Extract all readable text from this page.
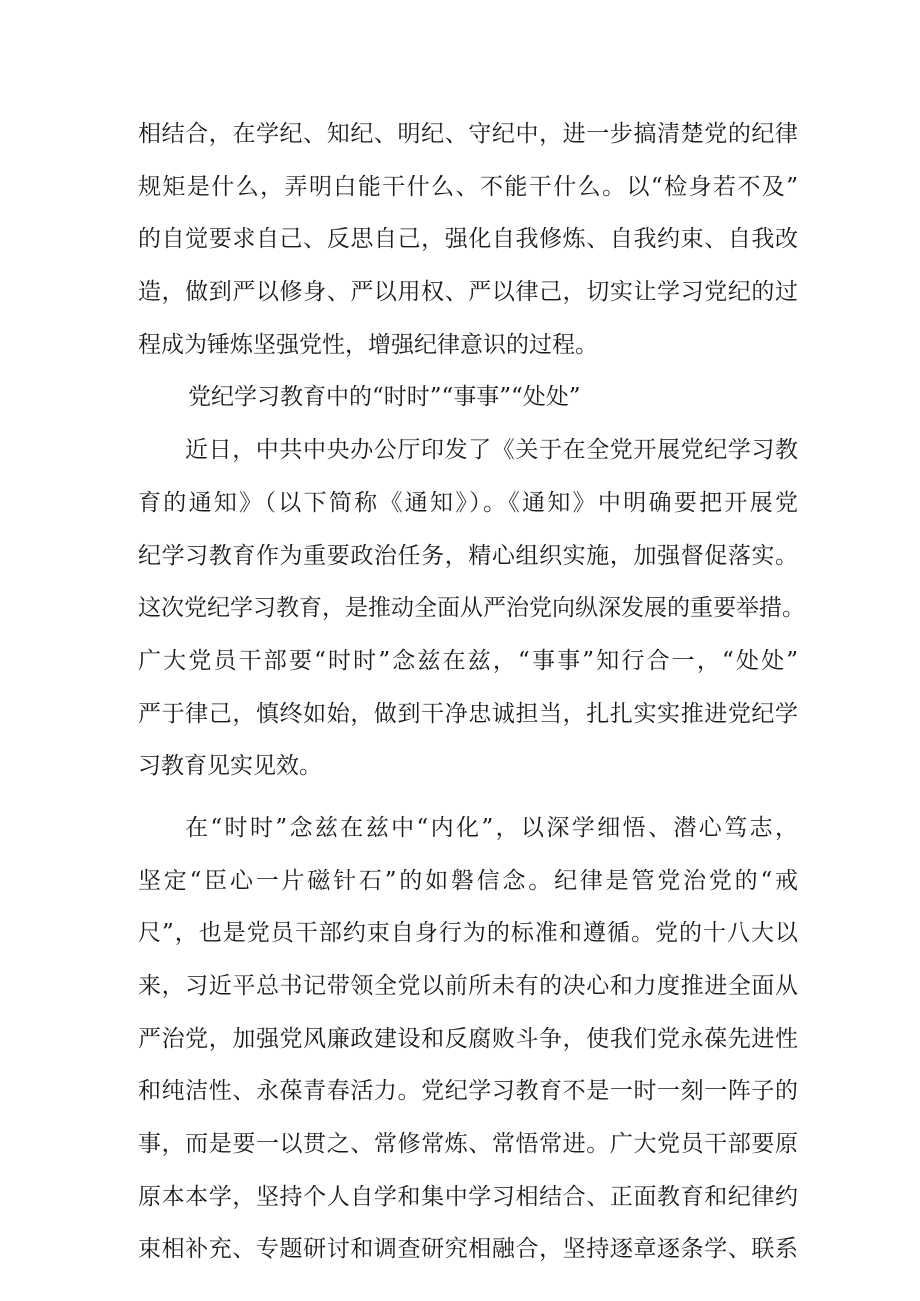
相结合，在学纪、知纪、明纪、守纪中，进一步搞清楚党的纪律
规矩是什么，弄明白能干什么、不能干什么。以“检身若不及”
的自觉要求自己、反思自己，强化自我修炼、自我约束、自我改
造，做到严以修身、严以用权、严以律己，切实让学习党纪的过
程成为锤炼坚强党性，增强纪律意识的过程。
党纪学习教育中的“时时”“事事”“处处”
近日，中共中央办公厅印发了《关于在全党开展党纪学习教
育的通知》（以下简称《通知》）。《通知》中明确要把开展党
纪学习教育作为重要政治任务，精心组织实施，加强督促落实。
这次党纪学习教育，是推动全面从严治党向纵深发展的重要举措。
广大党员干部要“时时”念兹在兹，“事事”知行合一，“处处”
严于律己，慎终如始，做到干净忠诚担当，扎扎实实推进党纪学
习教育见实见效。
在“时时”念兹在兹中“内化”，以深学细悟、潜心笃志，
坚定“臣心一片磁针石”的如磐信念。纪律是管党治党的“戒
尺”，也是党员干部约束自身行为的标准和遵循。党的十八大以
来，习近平总书记带领全党以前所未有的决心和力度推进全面从
严治党，加强党风廉政建设和反腐败斗争，使我们党永葆先进性
和纯洁性、永葆青春活力。党纪学习教育不是一时一刻一阵子的
事，而是要一以贯之、常修常炼、常悟常进。广大党员干部要原
原本本学，坚持个人自学和集中学习相结合、正面教育和纪律约
束相补充、专题研讨和调查研究相融合，坚持逐章逐条学、联系
